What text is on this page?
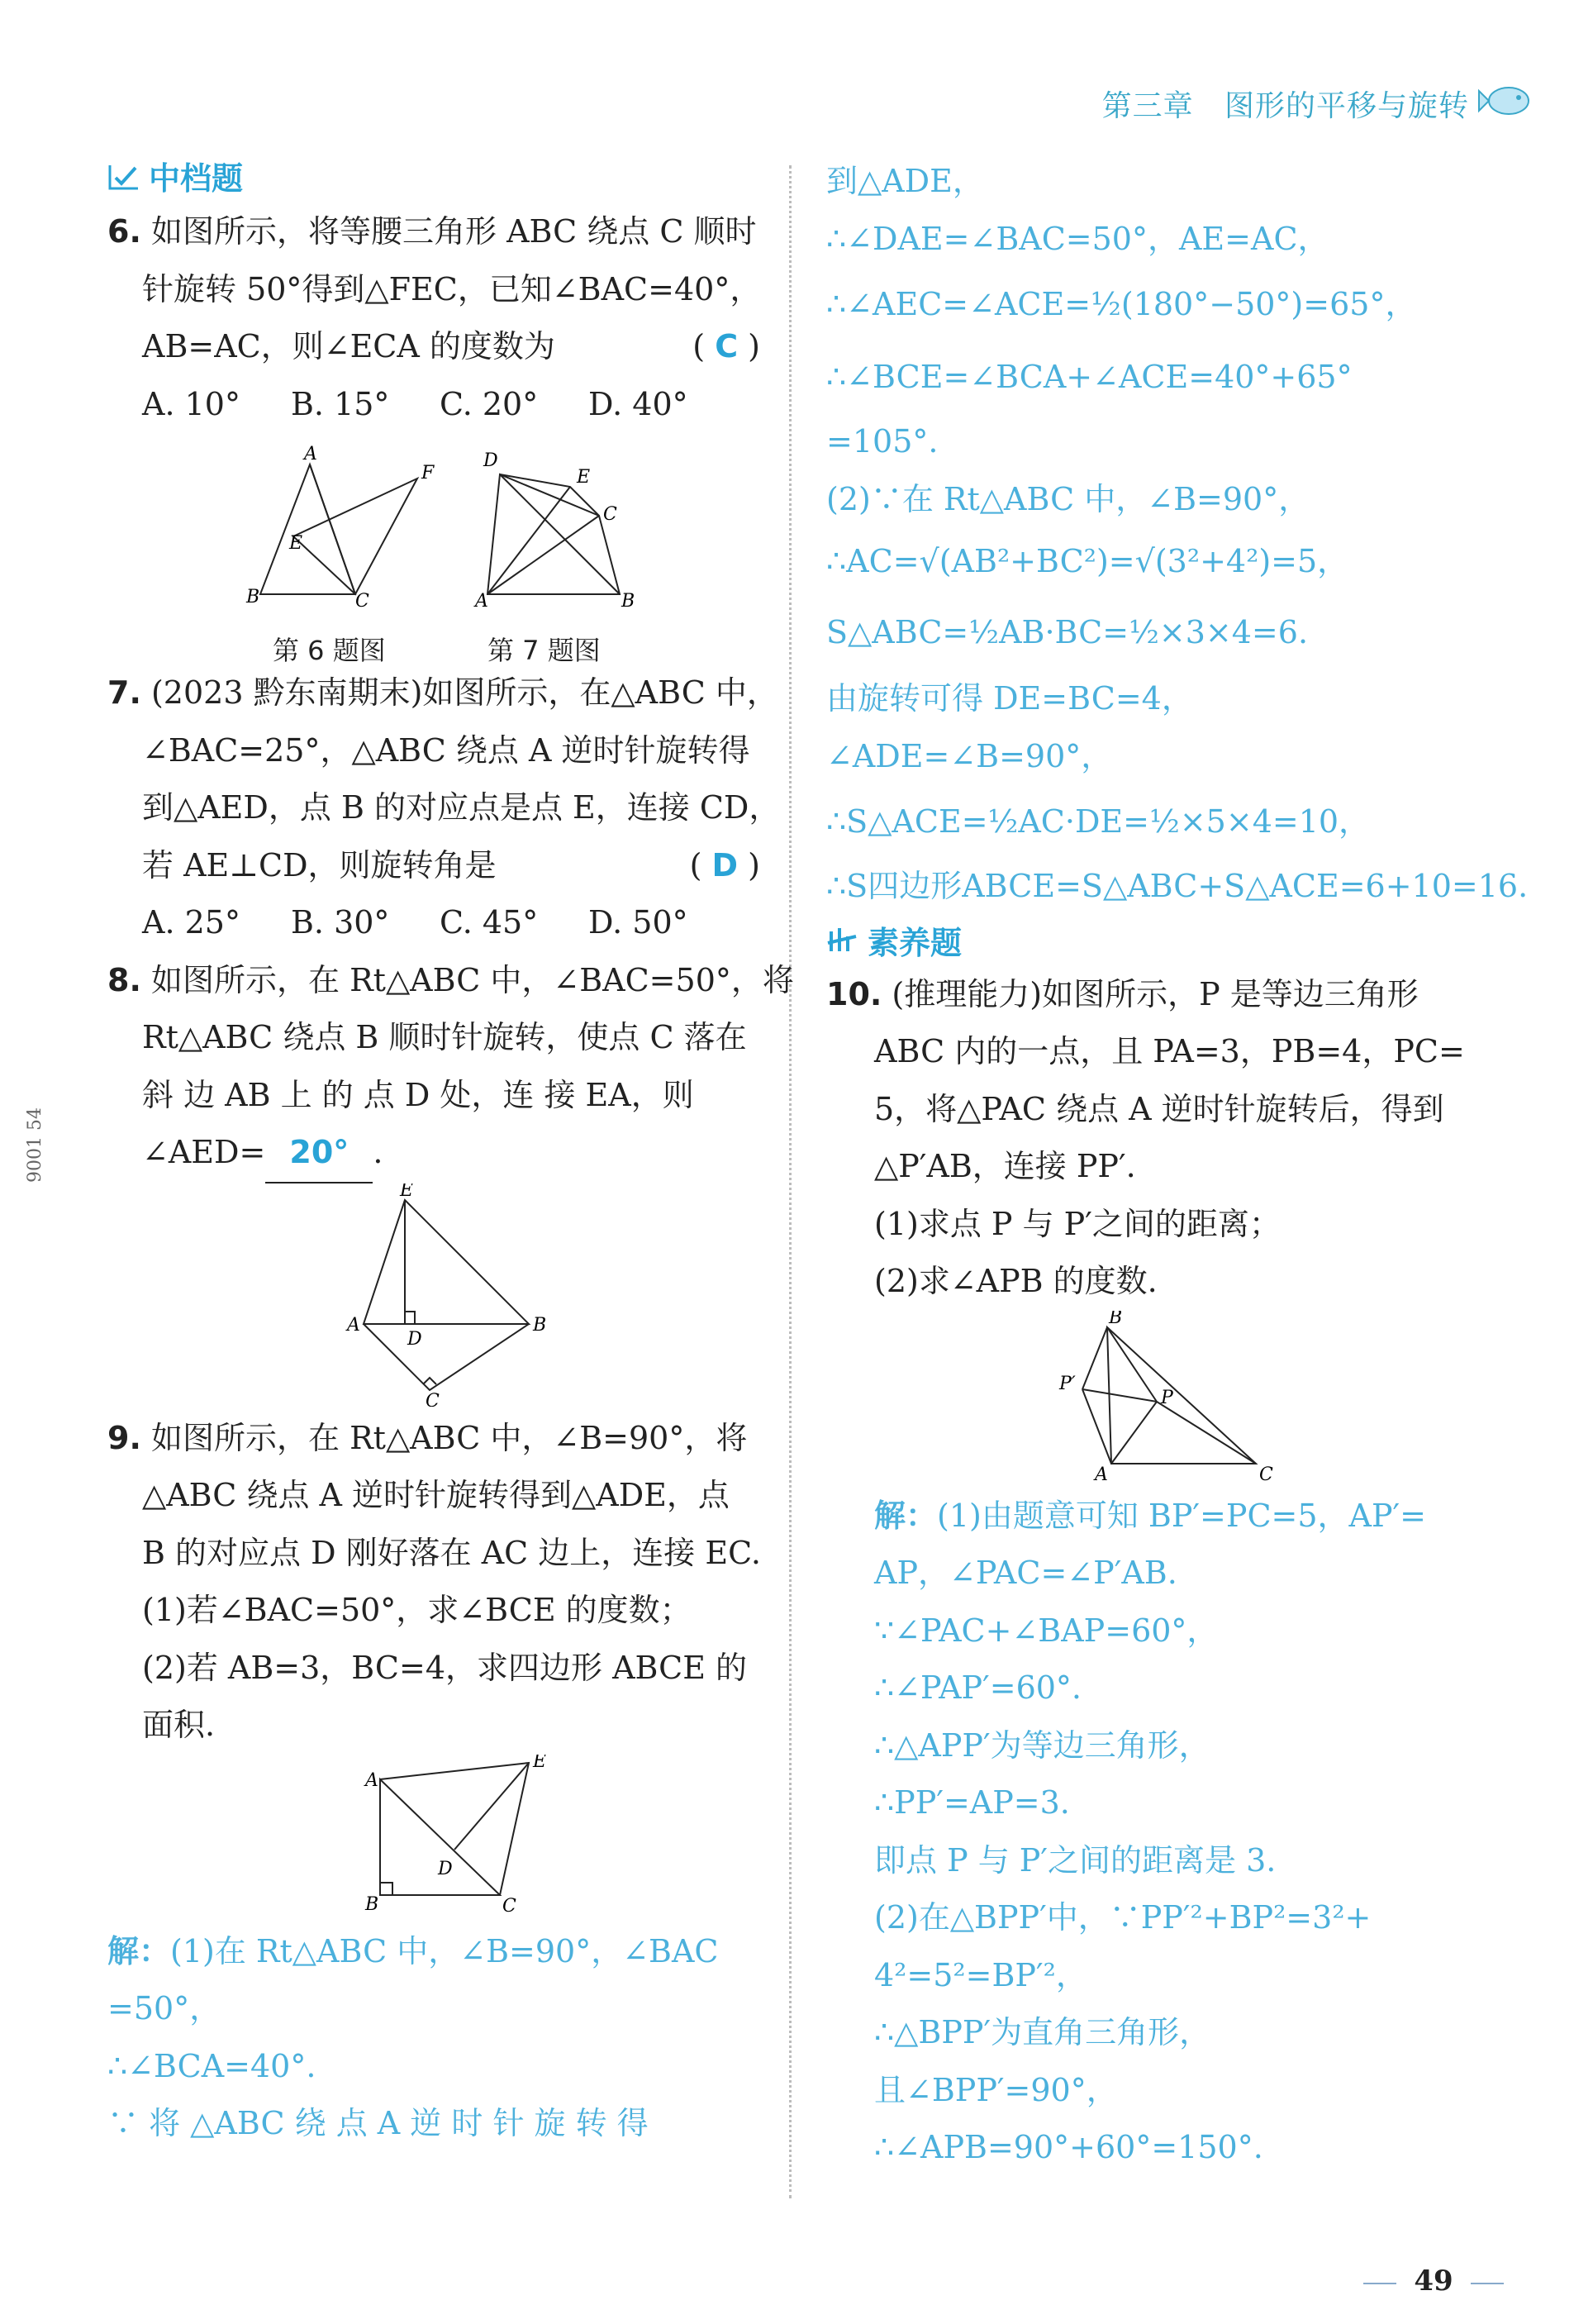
第三章 图形的平移与旋转
9001 54
中档题
6. 如图所示，将等腰三角形 ABC 绕点 C 顺时
针旋转 50°得到△FEC，已知∠BAC=40°，
AB=AC，则∠ECA 的度数为	( C )
A. 10°	B. 15°	C. 20°	D. 40°
A
B	C
F
E
D
E
C
A	B
第 6 题图	第 7 题图
7. (2023 黔东南期末)如图所示，在△ABC 中，
∠BAC=25°，△ABC 绕点 A 逆时针旋转得
到△AED，点 B 的对应点是点 E，连接 CD，
若 AE⊥CD，则旋转角是	( D )
A. 25°	B. 30°	C. 45°	D. 50°
8. 如图所示，在 Rt△ABC 中，∠BAC=50°，将
Rt△ABC 绕点 B 顺时针旋转，使点 C 落在
斜 边 AB 上 的 点 D 处，连 接 EA，则
∠AED= 20° .
E
A	B
D
C
9. 如图所示，在 Rt△ABC 中，∠B=90°，将
△ABC 绕点 A 逆时针旋转得到△ADE，点
B 的对应点 D 刚好落在 AC 边上，连接 EC.
(1)若∠BAC=50°，求∠BCE 的度数；
(2)若 AB=3，BC=4，求四边形 ABCE 的
面积.
A
B	C
D
E
解：(1)在 Rt△ABC 中，∠B=90°，∠BAC
=50°，
∴∠BCA=40°.
∵ 将 △ABC 绕 点 A 逆 时 针 旋 转 得
到△ADE，
∴∠DAE=∠BAC=50°，AE=AC，
∴∠AEC=∠ACE=½(180°−50°)=65°，
∴∠BCE=∠BCA+∠ACE=40°+65°
=105°.
(2)∵在 Rt△ABC 中，∠B=90°，
∴AC=√(AB²+BC²)=√(3²+4²)=5，
S△ABC=½AB·BC=½×3×4=6.
由旋转可得 DE=BC=4，
∠ADE=∠B=90°，
∴S△ACE=½AC·DE=½×5×4=10，
∴S四边形ABCE=S△ABC+S△ACE=6+10=16.
素养题
10. (推理能力)如图所示，P 是等边三角形
ABC 内的一点，且 PA=3，PB=4，PC=
5，将△PAC 绕点 A 逆时针旋转后，得到
△P′AB，连接 PP′.
(1)求点 P 与 P′之间的距离；
(2)求∠APB 的度数.
B
P′
P
A	C
解：(1)由题意可知 BP′=PC=5，AP′=
AP，∠PAC=∠P′AB.
∵∠PAC+∠BAP=60°，
∴∠PAP′=60°.
∴△APP′为等边三角形，
∴PP′=AP=3.
即点 P 与 P′之间的距离是 3.
(2)在△BPP′中，∵PP′²+BP²=3²+
4²=5²=BP′²，
∴△BPP′为直角三角形，
且∠BPP′=90°，
∴∠APB=90°+60°=150°.
49
